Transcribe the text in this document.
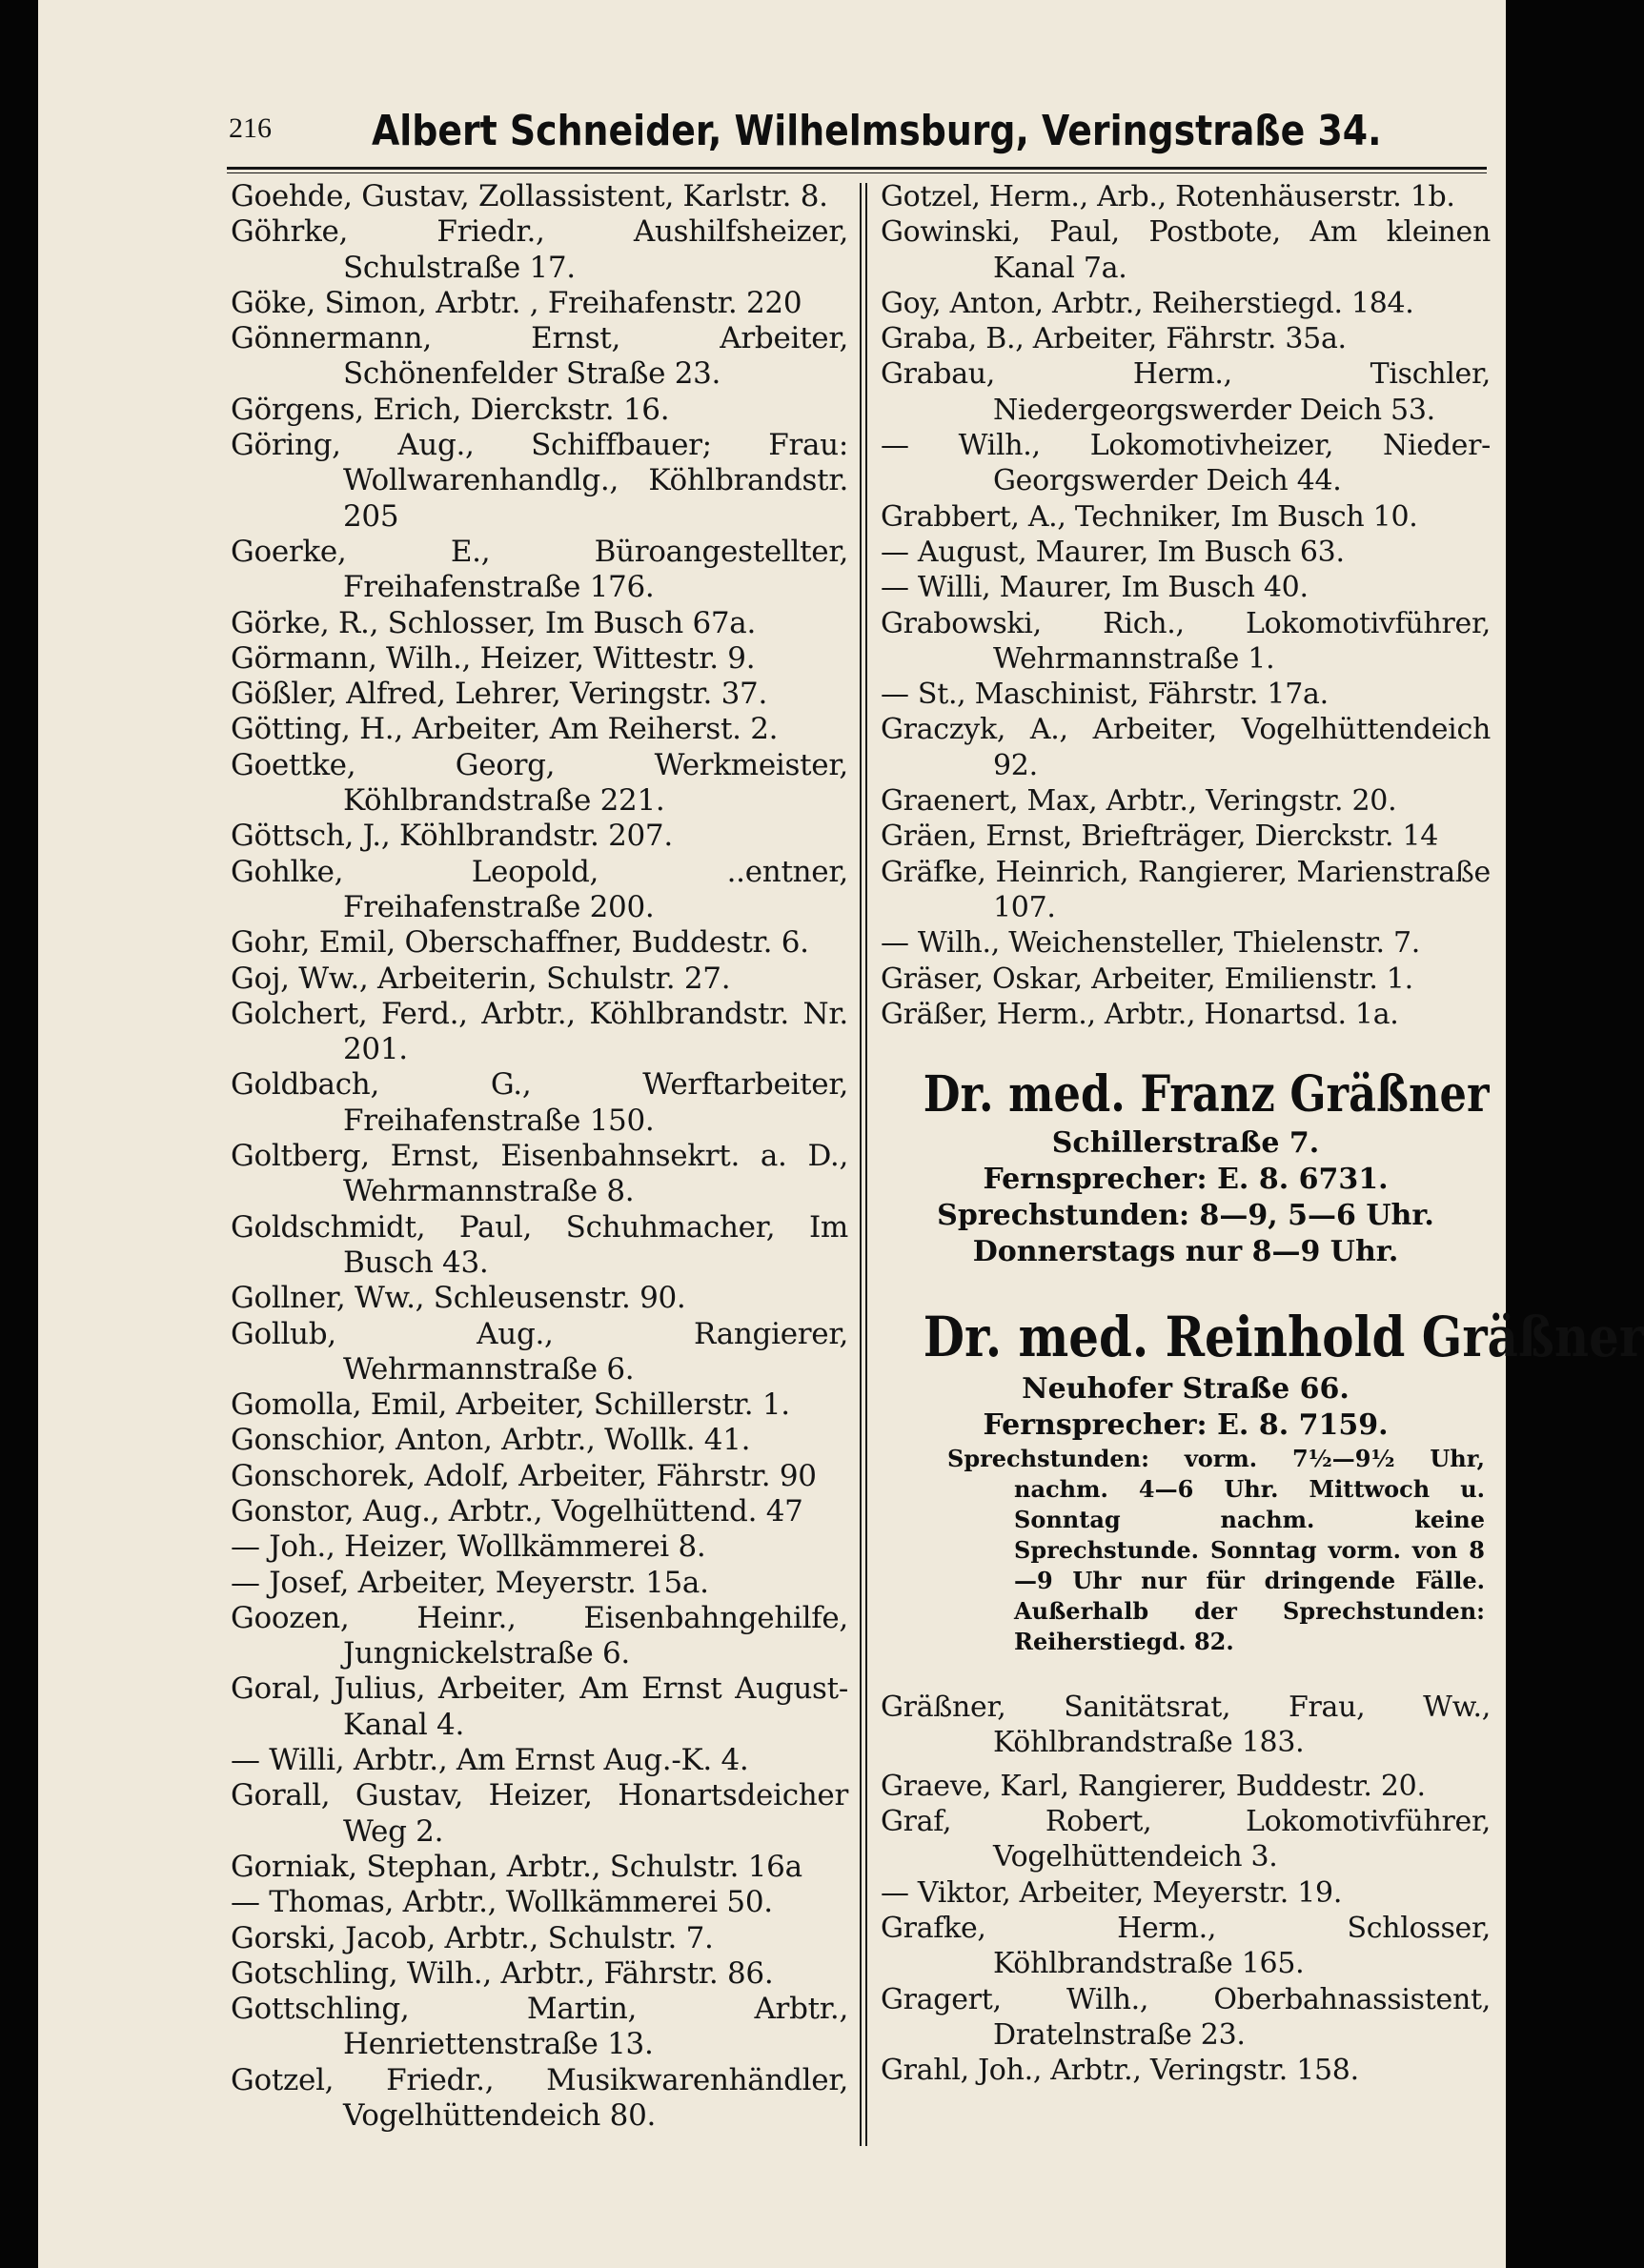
216 Albert Schneider, Wilhelmsburg, Veringstraße 34.
Goehde, Gustav, Zollassistent, Karlstr. 8.
Göhrke, Friedr., Aushilfsheizer, Schulstraße 17.
Göke, Simon, Arbtr. , Freihafenstr. 220
Gönnermann, Ernst, Arbeiter, Schönenfelder Straße 23.
Görgens, Erich, Dierckstr. 16.
Göring, Aug., Schiffbauer; Frau: Wollwarenhandlg., Köhlbrandstr. 205
Goerke, E., Büroangestellter, Freihafenstraße 176.
Görke, R., Schlosser, Im Busch 67a.
Görmann, Wilh., Heizer, Wittestr. 9.
Gößler, Alfred, Lehrer, Veringstr. 37.
Götting, H., Arbeiter, Am Reiherst. 2.
Goettke, Georg, Werkmeister, Köhlbrandstraße 221.
Göttsch, J., Köhlbrandstr. 207.
Gohlke, Leopold, ..entner, Freihafenstraße 200.
Gohr, Emil, Oberschaffner, Buddestr. 6.
Goj, Ww., Arbeiterin, Schulstr. 27.
Golchert, Ferd., Arbtr., Köhlbrandstr. Nr. 201.
Goldbach, G., Werftarbeiter, Freihafenstraße 150.
Goltberg, Ernst, Eisenbahnsekrt. a. D., Wehrmannstraße 8.
Goldschmidt, Paul, Schuhmacher, Im Busch 43.
Gollner, Ww., Schleusenstr. 90.
Gollub, Aug., Rangierer, Wehrmannstraße 6.
Gomolla, Emil, Arbeiter, Schillerstr. 1.
Gonschior, Anton, Arbtr., Wollk. 41.
Gonschorek, Adolf, Arbeiter, Fährstr. 90
Gonstor, Aug., Arbtr., Vogelhüttend. 47
— Joh., Heizer, Wollkämmerei 8.
— Josef, Arbeiter, Meyerstr. 15a.
Goozen, Heinr., Eisenbahngehilfe, Jungnickelstraße 6.
Goral, Julius, Arbeiter, Am Ernst August-Kanal 4.
— Willi, Arbtr., Am Ernst Aug.-K. 4.
Gorall, Gustav, Heizer, Honartsdeicher Weg 2.
Gorniak, Stephan, Arbtr., Schulstr. 16a
— Thomas, Arbtr., Wollkämmerei 50.
Gorski, Jacob, Arbtr., Schulstr. 7.
Gotschling, Wilh., Arbtr., Fährstr. 86.
Gottschling, Martin, Arbtr., Henriettenstraße 13.
Gotzel, Friedr., Musikwarenhändler, Vogelhüttendeich 80.
Gotzel, Herm., Arb., Rotenhäuserstr. 1b.
Gowinski, Paul, Postbote, Am kleinen Kanal 7a.
Goy, Anton, Arbtr., Reiherstiegd. 184.
Graba, B., Arbeiter, Fährstr. 35a.
Grabau, Herm., Tischler, Niedergeorgswerder Deich 53.
— Wilh., Lokomotivheizer, Nieder-Georgswerder Deich 44.
Grabbert, A., Techniker, Im Busch 10.
— August, Maurer, Im Busch 63.
— Willi, Maurer, Im Busch 40.
Grabowski, Rich., Lokomotivführer, Wehrmannstraße 1.
— St., Maschinist, Fährstr. 17a.
Graczyk, A., Arbeiter, Vogelhüttendeich 92.
Graenert, Max, Arbtr., Veringstr. 20.
Gräen, Ernst, Briefträger, Dierckstr. 14
Gräfke, Heinrich, Rangierer, Marienstraße 107.
— Wilh., Weichensteller, Thielenstr. 7.
Gräser, Oskar, Arbeiter, Emilienstr. 1.
Gräßer, Herm., Arbtr., Honartsd. 1a.
Dr. med. Franz Gräßner
Schillerstraße 7.
Fernsprecher: E. 8. 6731.
Sprechstunden: 8—9, 5—6 Uhr.
Donnerstags nur 8—9 Uhr.
Dr. med. Reinhold Gräßner
Neuhofer Straße 66.
Fernsprecher: E. 8. 7159.
Sprechstunden: vorm. 7½—9½ Uhr, nachm. 4—6 Uhr. Mittwoch u. Sonntag nachm. keine Sprechstunde. Sonntag vorm. von 8—9 Uhr nur für dringende Fälle. Außerhalb der Sprechstunden: Reiherstiegd. 82.
Gräßner, Sanitätsrat, Frau, Ww., Köhlbrandstraße 183.
Graeve, Karl, Rangierer, Buddestr. 20.
Graf, Robert, Lokomotivführer, Vogelhüttendeich 3.
— Viktor, Arbeiter, Meyerstr. 19.
Grafke, Herm., Schlosser, Köhlbrandstraße 165.
Gragert, Wilh., Oberbahnassistent, Dratelnstraße 23.
Grahl, Joh., Arbtr., Veringstr. 158.
